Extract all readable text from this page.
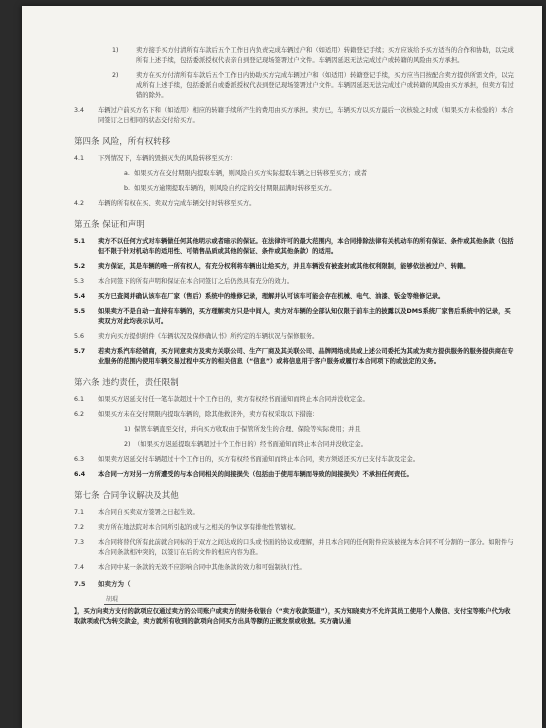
1)	卖方接手买方付清所有车款后五个工作日内负责完成车辆过户和（如适用）转籍登记手续；买方应该给予买方适当的合作和协助，以完成所有上述手续，包括委派授权代表亲自到登记现场签署过户文件。车辆因延迟无法完成过户或转籍的风险由买方承担。
2)	卖方在买方付清所有车款后五个工作日内协助买方完成车辆过户和（如适用）转籍登记手续，买方应当目按配合卖方提供所需文件，以完成所有上述手续，包括委派自或委派授权代表到登记现场签署过户文件。车辆因延迟无法完成过户或转籍的风险由买方承担，但卖方有过错的除外。
3.4	车辆过户前买方名下和（如适用）相应的转籍手续所产生的费用由买方承担。卖方已，车辆买方以买方最后一次核验之时或（如果买方未检验的）本合同签订之日相同的状态交付给买方。
第四条 风险，所有权转移
4.1	下列情况下，车辆的毁损灭失的风险转移至买方：
a. 如果买方在交付期限内提取车辆，则风险自买方实际提取车辆之日转移至买方；或者
b. 如果买方逾期提取车辆的，则风险自约定的交付期限届满时转移至买方。
4.2	车辆的所有权在买、卖双方完成车辆交付时转移至买方。
第五条 保证和声明
5.1	卖方不以任何方式对车辆做任何其他明示或者暗示的保证。在法律许可的最大范围内，本合同排除法律有关机动车的所有保证、条件或其他条款（包括但不限于针对机动车的适用性、可销售品质或其他的保证、条件或其他条款）的适用。
5.2	卖方保证，其是车辆的唯一所有权人，有充分权利将车辆出让给买方，并且车辆没有被查封或其他权利限制，能够依法被过户、转籍。
5.3	本合同签下的所有声明和保证在本合同签订之后仍然具有充分的效力。
5.4	买方已查阅并确认该车在厂家（售后）系统中的维修记录，理解并认可该车可能会存在机械、电气、油漆、钣金等维修记录。
5.5	如果卖方不是自动一直持有车辆的，买方理解卖方只是中间人，卖方对车辆的全部认知仅限于前车主的披露以及DMS系统厂家售后系统中的记录，买卖双方对此均表示认可。
5.6	卖方向买方提供附件《车辆状况及保修确认书》所约定的车辆状况与保修服务。
5.7	若卖方系汽车经销商，买方同意卖方及卖方关联公司、生产厂商及其关联公司、品牌网络成员或上述公司委托为其或为卖方提供服务的服务提供商在专业服务的范围内使用车辆交易过程中买方的相关信息（“信息”）或将信息用于客户服务或履行本合同项下的或法定的义务。
第六条 违约责任，责任限制
6.1	如果买方迟延支付任一笔车款超过十个工作日的，卖方有权经书面通知而终止本合同并没收定金。
6.2	如果买方未在交付期限内提取车辆的，除其他救济外，卖方有权采取以下措施：
1) 保管车辆直至交付，并向买方收取由于保管所发生的合理、保险等实际费用；并且
2) （如果买方迟延提取车辆超过十个工作日的）经书面通知而终止本合同并没收定金。
6.3	如果卖方迟延交付车辆超过十个工作日的，买方有权经书面通知而终止本合同，卖方须返还买方已支付车款及定金。
6.4	本合同一方对另一方所遭受的与本合同相关的间接损失（包括由于使用车辆而导致的间接损失）不承担任何责任。
第七条 合同争议解决及其他
7.1	本合同自买卖双方签署之日起生效。
7.2	卖方所在地法院对本合同所引起的或与之相关的争议享有排他性管辖权。
7.3	本合同将替代所有此前就合同标的于双方之间达成的口头或书面的协议或理解，并且本合同的任何附件应该被视为本合同不可分割的一部分。如附件与本合同条款相冲突的，以签订在后的文件的相应内容为准。
7.4	本合同中某一条款的无效不应影响合同中其他条款的效力和可强制执行性。
7.5	如卖方为（
胡琨
】，买方向卖方支付的款项应仅通过卖方的公司账户或卖方的财务收银台（“卖方收款渠道”），买方知晓卖方不允许其员工使用个人微信、支付宝等账户代为收取款项或代为转交款金，卖方就所有收到的款项向合同买方出具等额的正规发票或收据。买方确认通
